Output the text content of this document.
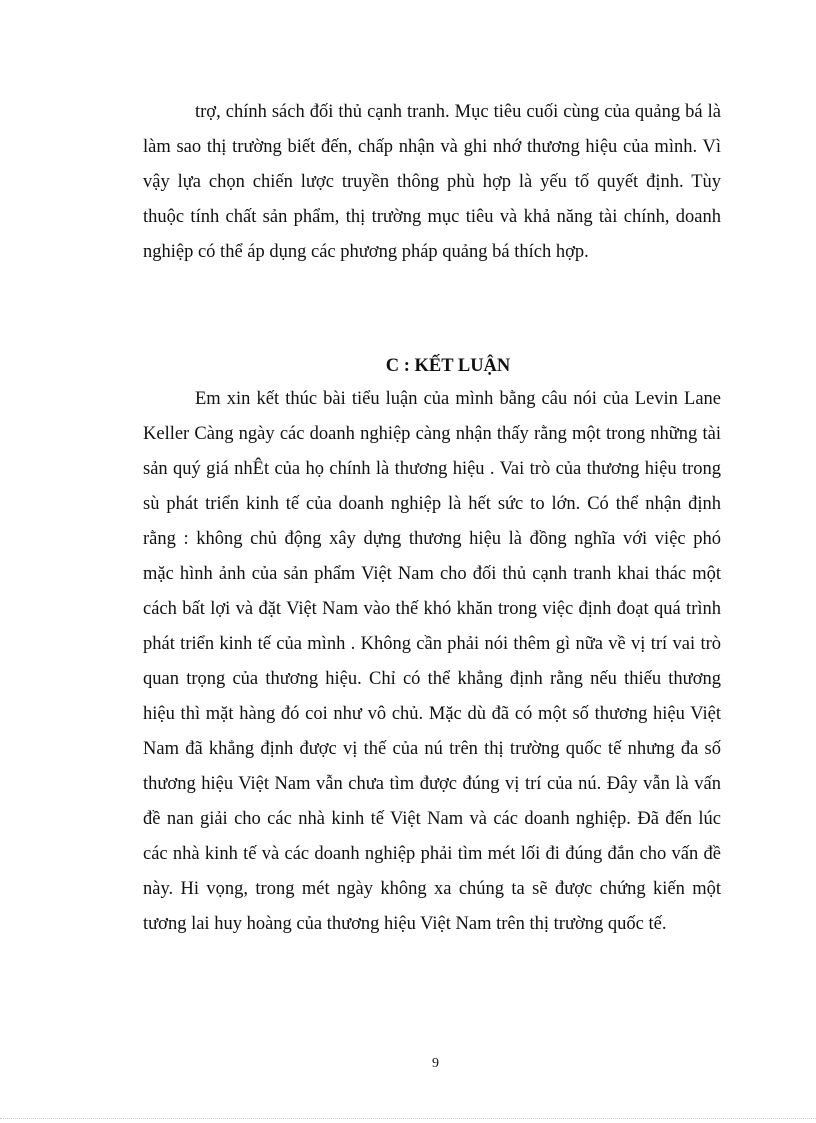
trợ, chính sách đối thủ cạnh tranh. Mục tiêu cuối cùng của quảng bá là
làm sao thị trường biết đến, chấp nhận và ghi nhớ thương hiệu của mình. Vì
vậy lựa chọn chiến lược truyền thông phù hợp là yếu tố quyết định. Tùy
thuộc tính chất sản phẩm, thị trường mục tiêu và khả năng tài chính, doanh
nghiệp có thể áp dụng các phương pháp quảng bá thích hợp.
C : KẾT LUẬN
Em xin kết thúc bài tiểu luận của mình bằng câu nói của Levin Lane
Keller Càng ngày các doanh nghiệp càng nhận thấy rằng một trong những tài
sản quý giá nhÊt của họ chính là thương hiệu . Vai trò của thương hiệu trong
sù phát triển kinh tế của doanh nghiệp là hết sức to lớn. Có thể nhận định
rằng : không chủ động xây dựng thương hiệu là đồng nghĩa với việc phó
mặc hình ảnh của sản phẩm Việt Nam cho đối thủ cạnh tranh khai thác một
cách bất lợi và đặt Việt Nam vào thế khó khăn trong việc định đoạt quá trình
phát triển kinh tế của mình . Không cần phải nói thêm gì nữa về vị trí vai trò
quan trọng của thương hiệu. Chỉ có thể khẳng định rằng nếu thiếu thương
hiệu thì mặt hàng đó coi như vô chủ. Mặc dù đã có một số thương hiệu Việt
Nam đã khẳng định được vị thế của nú trên thị trường quốc tế nhưng đa số
thương hiệu Việt Nam vẫn chưa tìm được đúng vị trí của nú. Đây vẫn là vấn
đề nan giải cho các nhà kinh tế Việt Nam và các doanh nghiệp. Đã đến lúc
các nhà kinh tế và các doanh nghiệp phải tìm mét lối đi đúng đắn cho vấn đề
này. Hi vọng, trong mét ngày không xa chúng ta sẽ được chứng kiến một
tương lai huy hoàng của thương hiệu Việt Nam trên thị trường quốc tế.
9
